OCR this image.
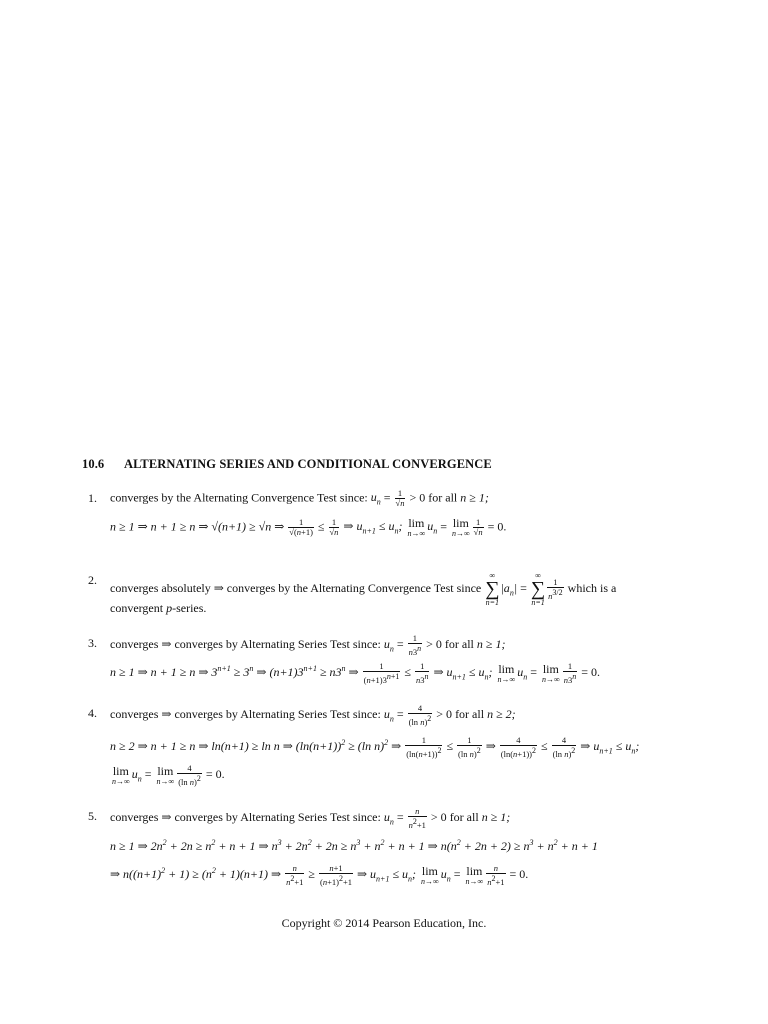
10.6 ALTERNATING SERIES AND CONDITIONAL CONVERGENCE
1. converges by the Alternating Convergence Test since: $u_n = \frac{1}{√n} > 0$ for all n ≥ 1;
n ≥ 1 ⇒ n + 1 ≥ n ⇒ √(n+1) ≥ √n ⇒ $\frac{1}{√(n+1)} \le \frac{1}{√n}$ ⇒ $u_{n+1} \le u_n$; lim
n→∞
$u_n = \lim$
$n\to\infty \frac{1}{√n} = 0$.
2.
converges absolutely ⇒ converges by the Alternating Convergence Test since
∞
∑
n=1
$|a_n|$ =
∞
∑
n=1
$\frac{1}{n^{3/2}}$ which is a
convergent p-series.
3. converges ⇒ converges by Alternating Series Test since: $u_n = \frac{1}{n3^n} > 0$ for all n ≥ 1;
n ≥ 1 ⇒ n + 1 ≥ n ⇒ $3^{n+1} \ge 3^n$ ⇒ $(n+1)3^{n+1} \ge n3^n$ ⇒ $\frac{1}{(n+1)3^{n+1}} \le \frac{1}{n3^n}$ ⇒ $u_{n+1} \le u_n$; lim
n→∞
$u_n = \lim$
$n\to\infty \frac{1}{n3^n} = 0$.
4. converges ⇒ converges by Alternating Series Test since: $u_n = \frac{4}{(\ln n)^2} > 0$ for all n ≥ 2;
n ≥ 2 ⇒ n + 1 ≥ n ⇒ ln(n+1) ≥ ln n ⇒ $(\ln(n+1))^2 \ge (\ln$ n)$^2$ ⇒ $\frac{1}{(\ln(n+1))^2} \le \frac{1}{(\ln n)^2}$ ⇒ $\frac{4}{(\ln(n+1))^2} \le \frac{4}{(\ln n)^2}$ ⇒ $u_{n+1} \le u_n$;
lim
n→∞
$u_n = \lim$
$n\to\infty \frac{4}{(\ln n)^2} = 0$.
5. converges ⇒ converges by Alternating Series Test since: $u_n = \frac{n}{n^2+1} > 0$ for all n ≥ 1;
n ≥ 1 ⇒ $2n^2 + 2n \ge n^2 + n + 1$ ⇒ $n^3 + 2n^2 + 2n \ge n^3 + n^2 + n + 1$ ⇒ $n(n^2 + 2n + 2) \ge n^3 + n^2 + n + 1$
⇒ $n((n+1)^2 + 1) \ge (n^2 + 1)(n+1)$ ⇒ $\frac{n}{n^2+1} \ge \frac{n+1}{(n+1)^2+1}$ ⇒ $u_{n+1} \le u_n$; lim
n→∞
$u_n = \lim$
$n\to\infty \frac{n}{n^2+1} = 0$.
Copyright © 2014 Pearson Education, Inc.
